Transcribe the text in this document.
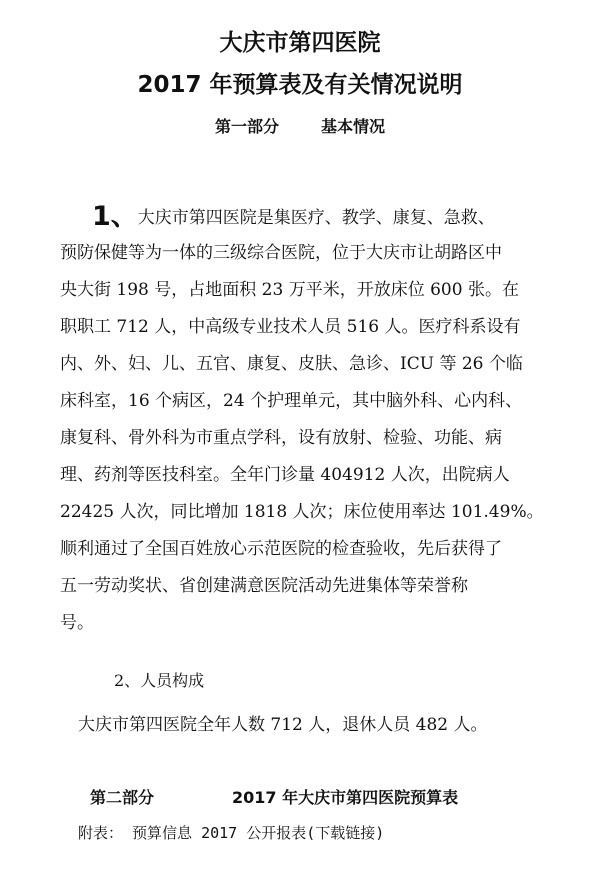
大庆市第四医院
2017 年预算表及有关情况说明
第一部分	基本情况
1、大庆市第四医院是集医疗、教学、康复、急救、
预防保健等为一体的三级综合医院，位于大庆市让胡路区中
央大街 198 号，占地面积 23 万平米，开放床位 600 张。在
职职工 712 人，中高级专业技术人员 516 人。医疗科系设有
内、外、妇、儿、五官、康复、皮肤、急诊、ICU 等 26 个临
床科室，16 个病区，24 个护理单元，其中脑外科、心内科、
康复科、骨外科为市重点学科，设有放射、检验、功能、病
理、药剂等医技科室。全年门诊量 404912 人次，出院病人
22425 人次，同比增加 1818 人次；床位使用率达 101.49%。
顺利通过了全国百姓放心示范医院的检查验收，先后获得了
五一劳动奖状、省创建满意医院活动先进集体等荣誉称
号。
2、人员构成
大庆市第四医院全年人数 712 人，退休人员 482 人。
第二部分	2017 年大庆市第四医院预算表
附表： 预算信息 2017 公开报表(下载链接)
